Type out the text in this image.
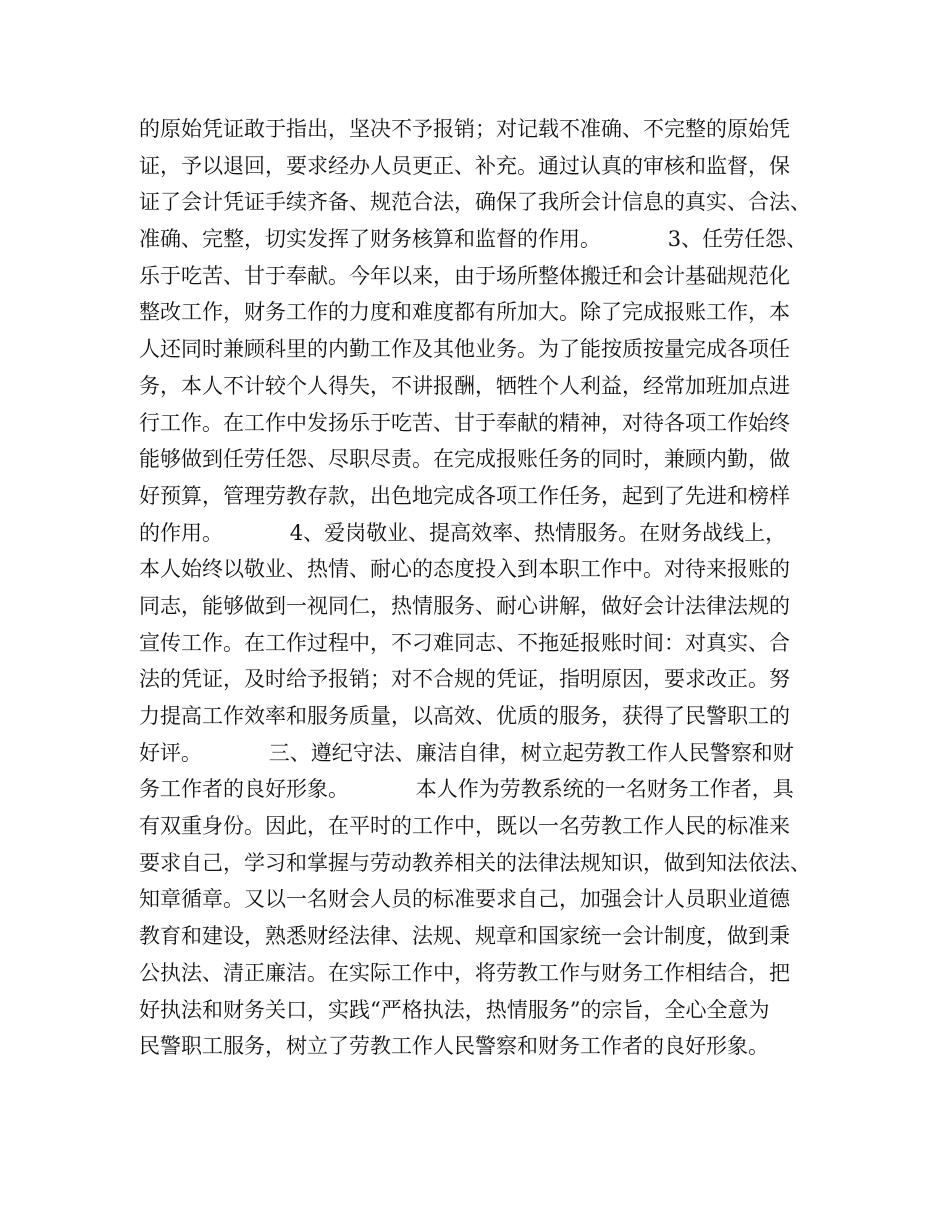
的原始凭证敢于指出，坚决不予报销；对记载不准确、不完整的原始凭
证，予以退回，要求经办人员更正、补充。通过认真的审核和监督，保
证了会计凭证手续齐备、规范合法，确保了我所会计信息的真实、合法、
准确、完整，切实发挥了财务核算和监督的作用。          3、任劳任怨、
乐于吃苦、甘于奉献。今年以来，由于场所整体搬迁和会计基础规范化
整改工作，财务工作的力度和难度都有所加大。除了完成报账工作，本
人还同时兼顾科里的内勤工作及其他业务。为了能按质按量完成各项任
务，本人不计较个人得失，不讲报酬，牺牲个人利益，经常加班加点进
行工作。在工作中发扬乐于吃苦、甘于奉献的精神，对待各项工作始终
能够做到任劳任怨、尽职尽责。在完成报账任务的同时，兼顾内勤，做
好预算，管理劳教存款，出色地完成各项工作任务，起到了先进和榜样
的作用。          4、爱岗敬业、提高效率、热情服务。在财务战线上，
本人始终以敬业、热情、耐心的态度投入到本职工作中。对待来报账的
同志，能够做到一视同仁，热情服务、耐心讲解，做好会计法律法规的
宣传工作。在工作过程中，不刁难同志、不拖延报账时间：对真实、合
法的凭证，及时给予报销；对不合规的凭证，指明原因，要求改正。努
力提高工作效率和服务质量，以高效、优质的服务，获得了民警职工的
好评。          三、遵纪守法、廉洁自律，树立起劳教工作人民警察和财
务工作者的良好形象。          本人作为劳教系统的一名财务工作者，具
有双重身份。因此，在平时的工作中，既以一名劳教工作人民的标准来
要求自己，学习和掌握与劳动教养相关的法律法规知识，做到知法依法、
知章循章。又以一名财会人员的标准要求自己，加强会计人员职业道德
教育和建设，熟悉财经法律、法规、规章和国家统一会计制度，做到秉
公执法、清正廉洁。在实际工作中，将劳教工作与财务工作相结合，把
好执法和财务关口，实践“严格执法，热情服务”的宗旨，全心全意为
民警职工服务，树立了劳教工作人民警察和财务工作者的良好形象。
